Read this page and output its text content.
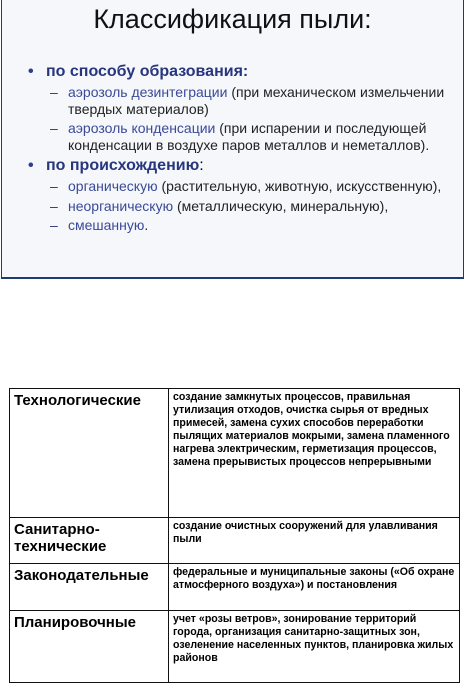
Классификация пыли:
• по способу образования:
– аэрозоль дезинтеграции (при механическом измельчении твердых материалов)
– аэрозоль конденсации (при испарении и последующей конденсации в воздухе паров металлов и неметаллов).
• по происхождению:
– органическую (растительную, животную, искусственную),
– неорганическую (металлическую, минеральную),
– смешанную.
Технологические	создание замкнутых процессов, правильная утилизация отходов, очистка сырья от вредных примесей, замена сухих способов переработки пылящих материалов мокрыми, замена пламенного нагрева электрическим, герметизация процессов, замена прерывистых процессов непрерывными
Санитарно-технические	создание очистных сооружений для улавливания пыли
Законодательные	федеральные и муниципальные законы («Об охране атмосферного воздуха») и постановления
Планировочные	учет «розы ветров», зонирование территорий города, организация санитарно-защитных зон, озеленение населенных пунктов, планировка жилых районов
